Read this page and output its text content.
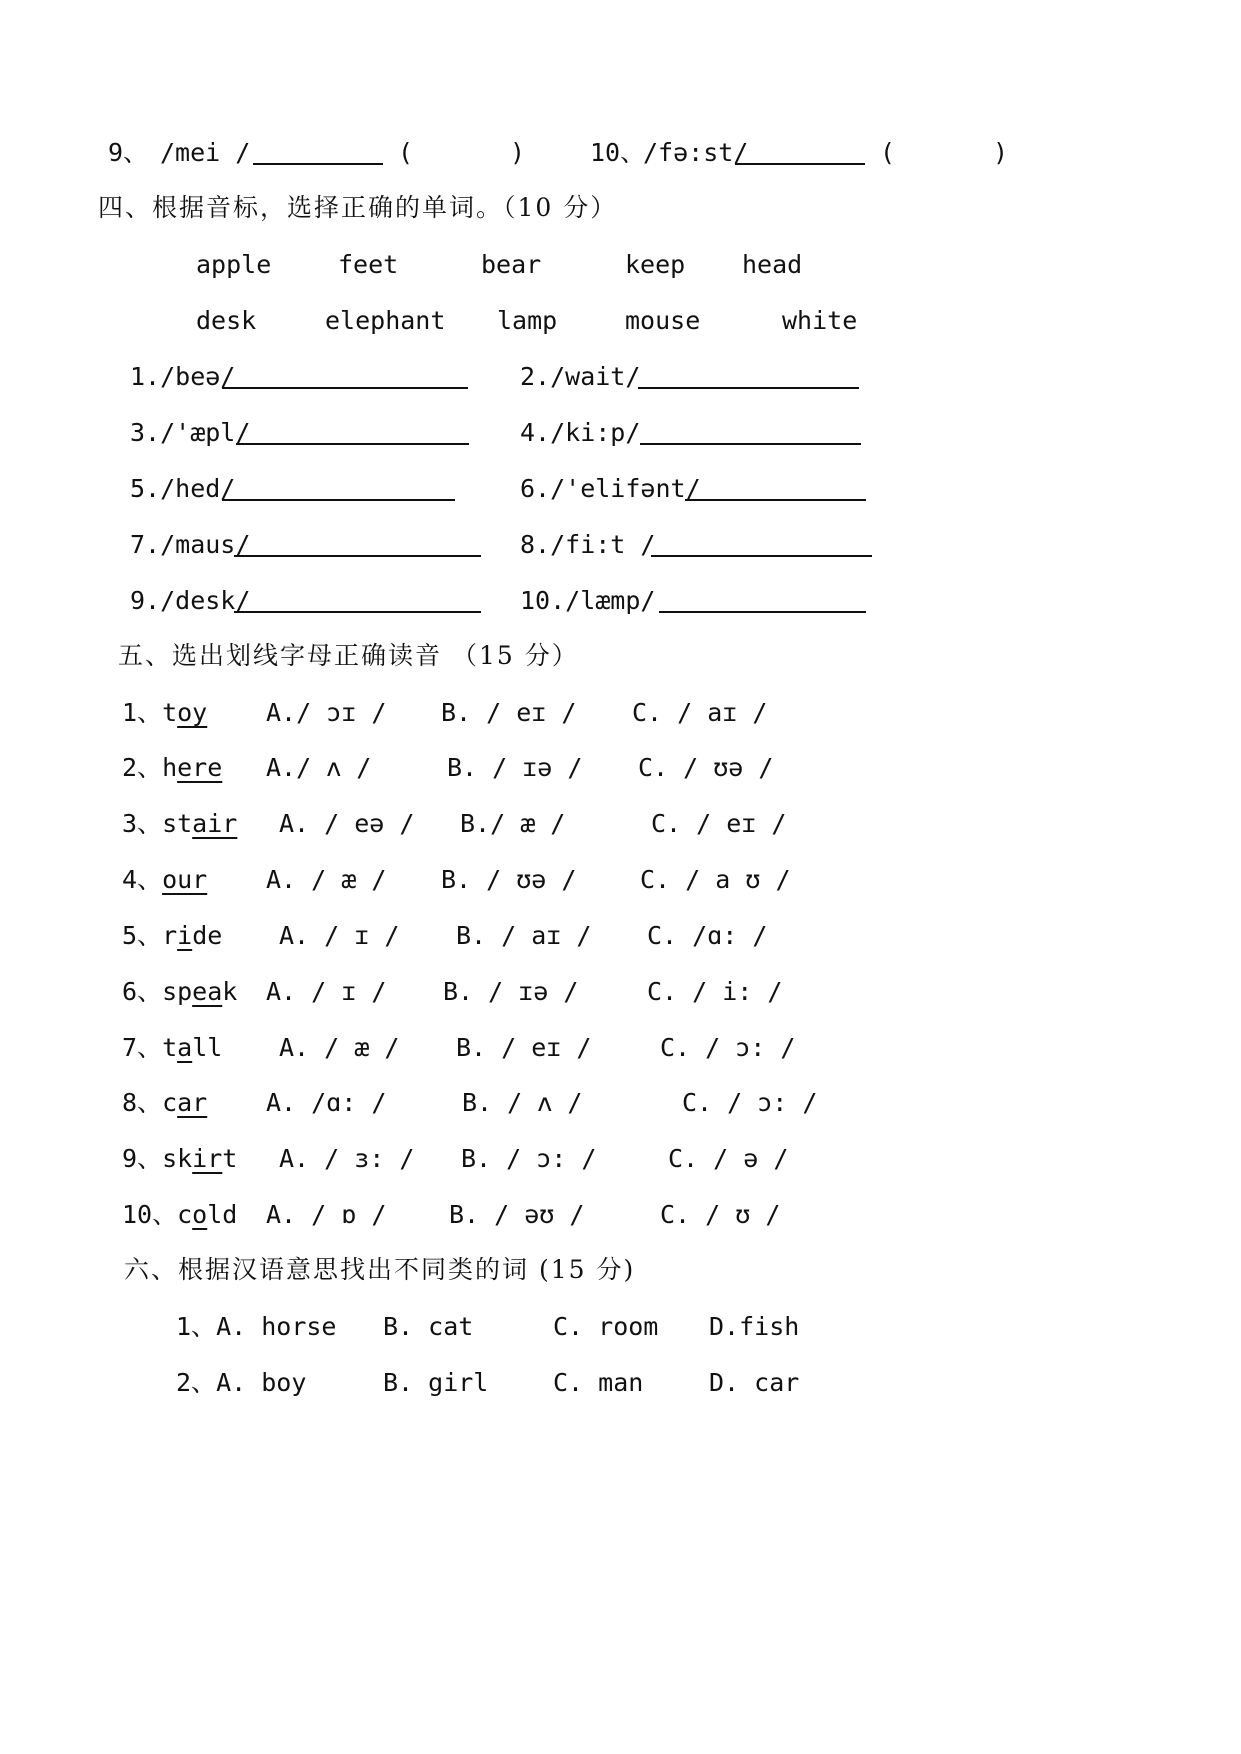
9、 /mei /	(	)	10、
/fə:st/	(	)
四、根据音标，选择正确的单词。（10 分）
apple	feet	bear	keep head
desk	elephant lamp	mouse	white
1./beə/	2./wait/
3./'æpl/	4./ki:p/
5./hed/	6./'elifənt/
7./maus/	8./fi:t /
9./desk/	10./læmp/
五、选出划线字母正确读音 （15 分）
1、toy A./ ɔɪ / B. / eɪ / C. / aɪ /
2、here A./ ʌ /	B. / ɪə / C. / ʊə /
3、stair A. / eə / B./ æ /	C. / eɪ /
4、our A. / æ / B. / ʊə /	C. / a ʊ /
5、ride A. / ɪ / B. / aɪ / C. /ɑ: /
6、speak A. / ɪ / B. / ɪə /	C. / i: /
7、tall A. / æ / B. / eɪ /	C. / ɔ: /
8、car A. /ɑ: /	B. / ʌ /	C. / ɔ: /
9、skirt A. / ɜ: / B. / ɔ: /	C. / ə /
10、cold A. / ɒ /	B. / əʊ /	C. / ʊ /
六、根据汉语意思找出不同类的词 (15 分)
1、A. horse B. cat	C. room D.fish
2、A. boy	B. girl	C. man	D. car
